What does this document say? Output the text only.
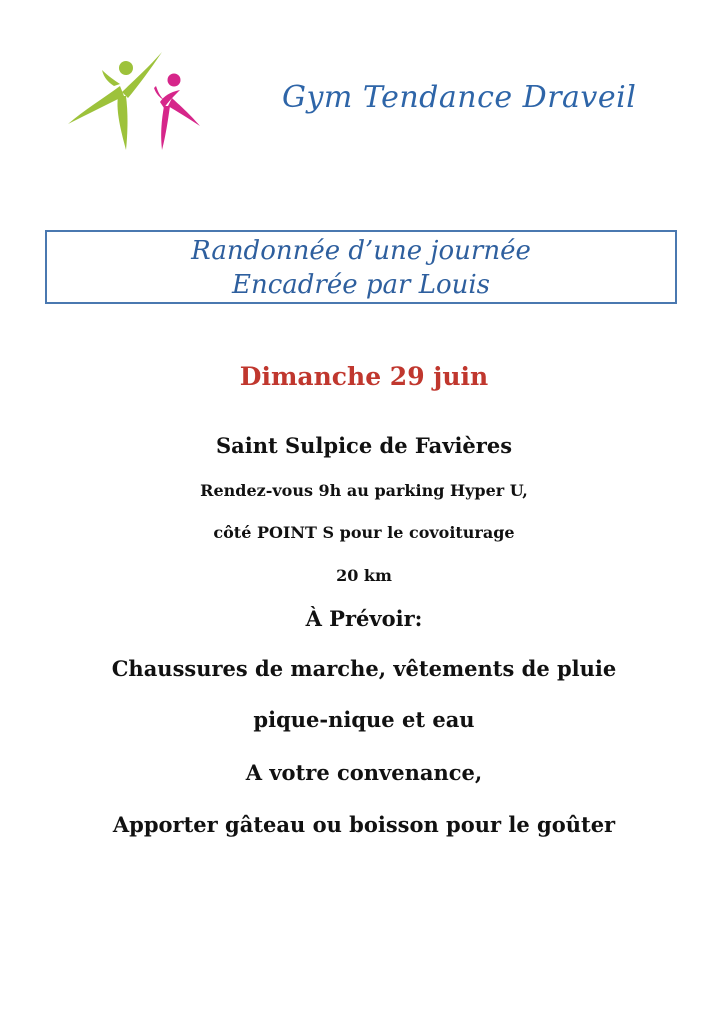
Gym Tendance Draveil
Randonnée d’une journée
Encadrée par Louis
Dimanche 29 juin
Saint Sulpice de Favières
Rendez-vous 9h au parking Hyper U,
côté POINT S pour le covoiturage
20 km
À Prévoir:
Chaussures de marche, vêtements de pluie
pique-nique et eau
A votre convenance,
Apporter gâteau ou boisson pour le goûter
